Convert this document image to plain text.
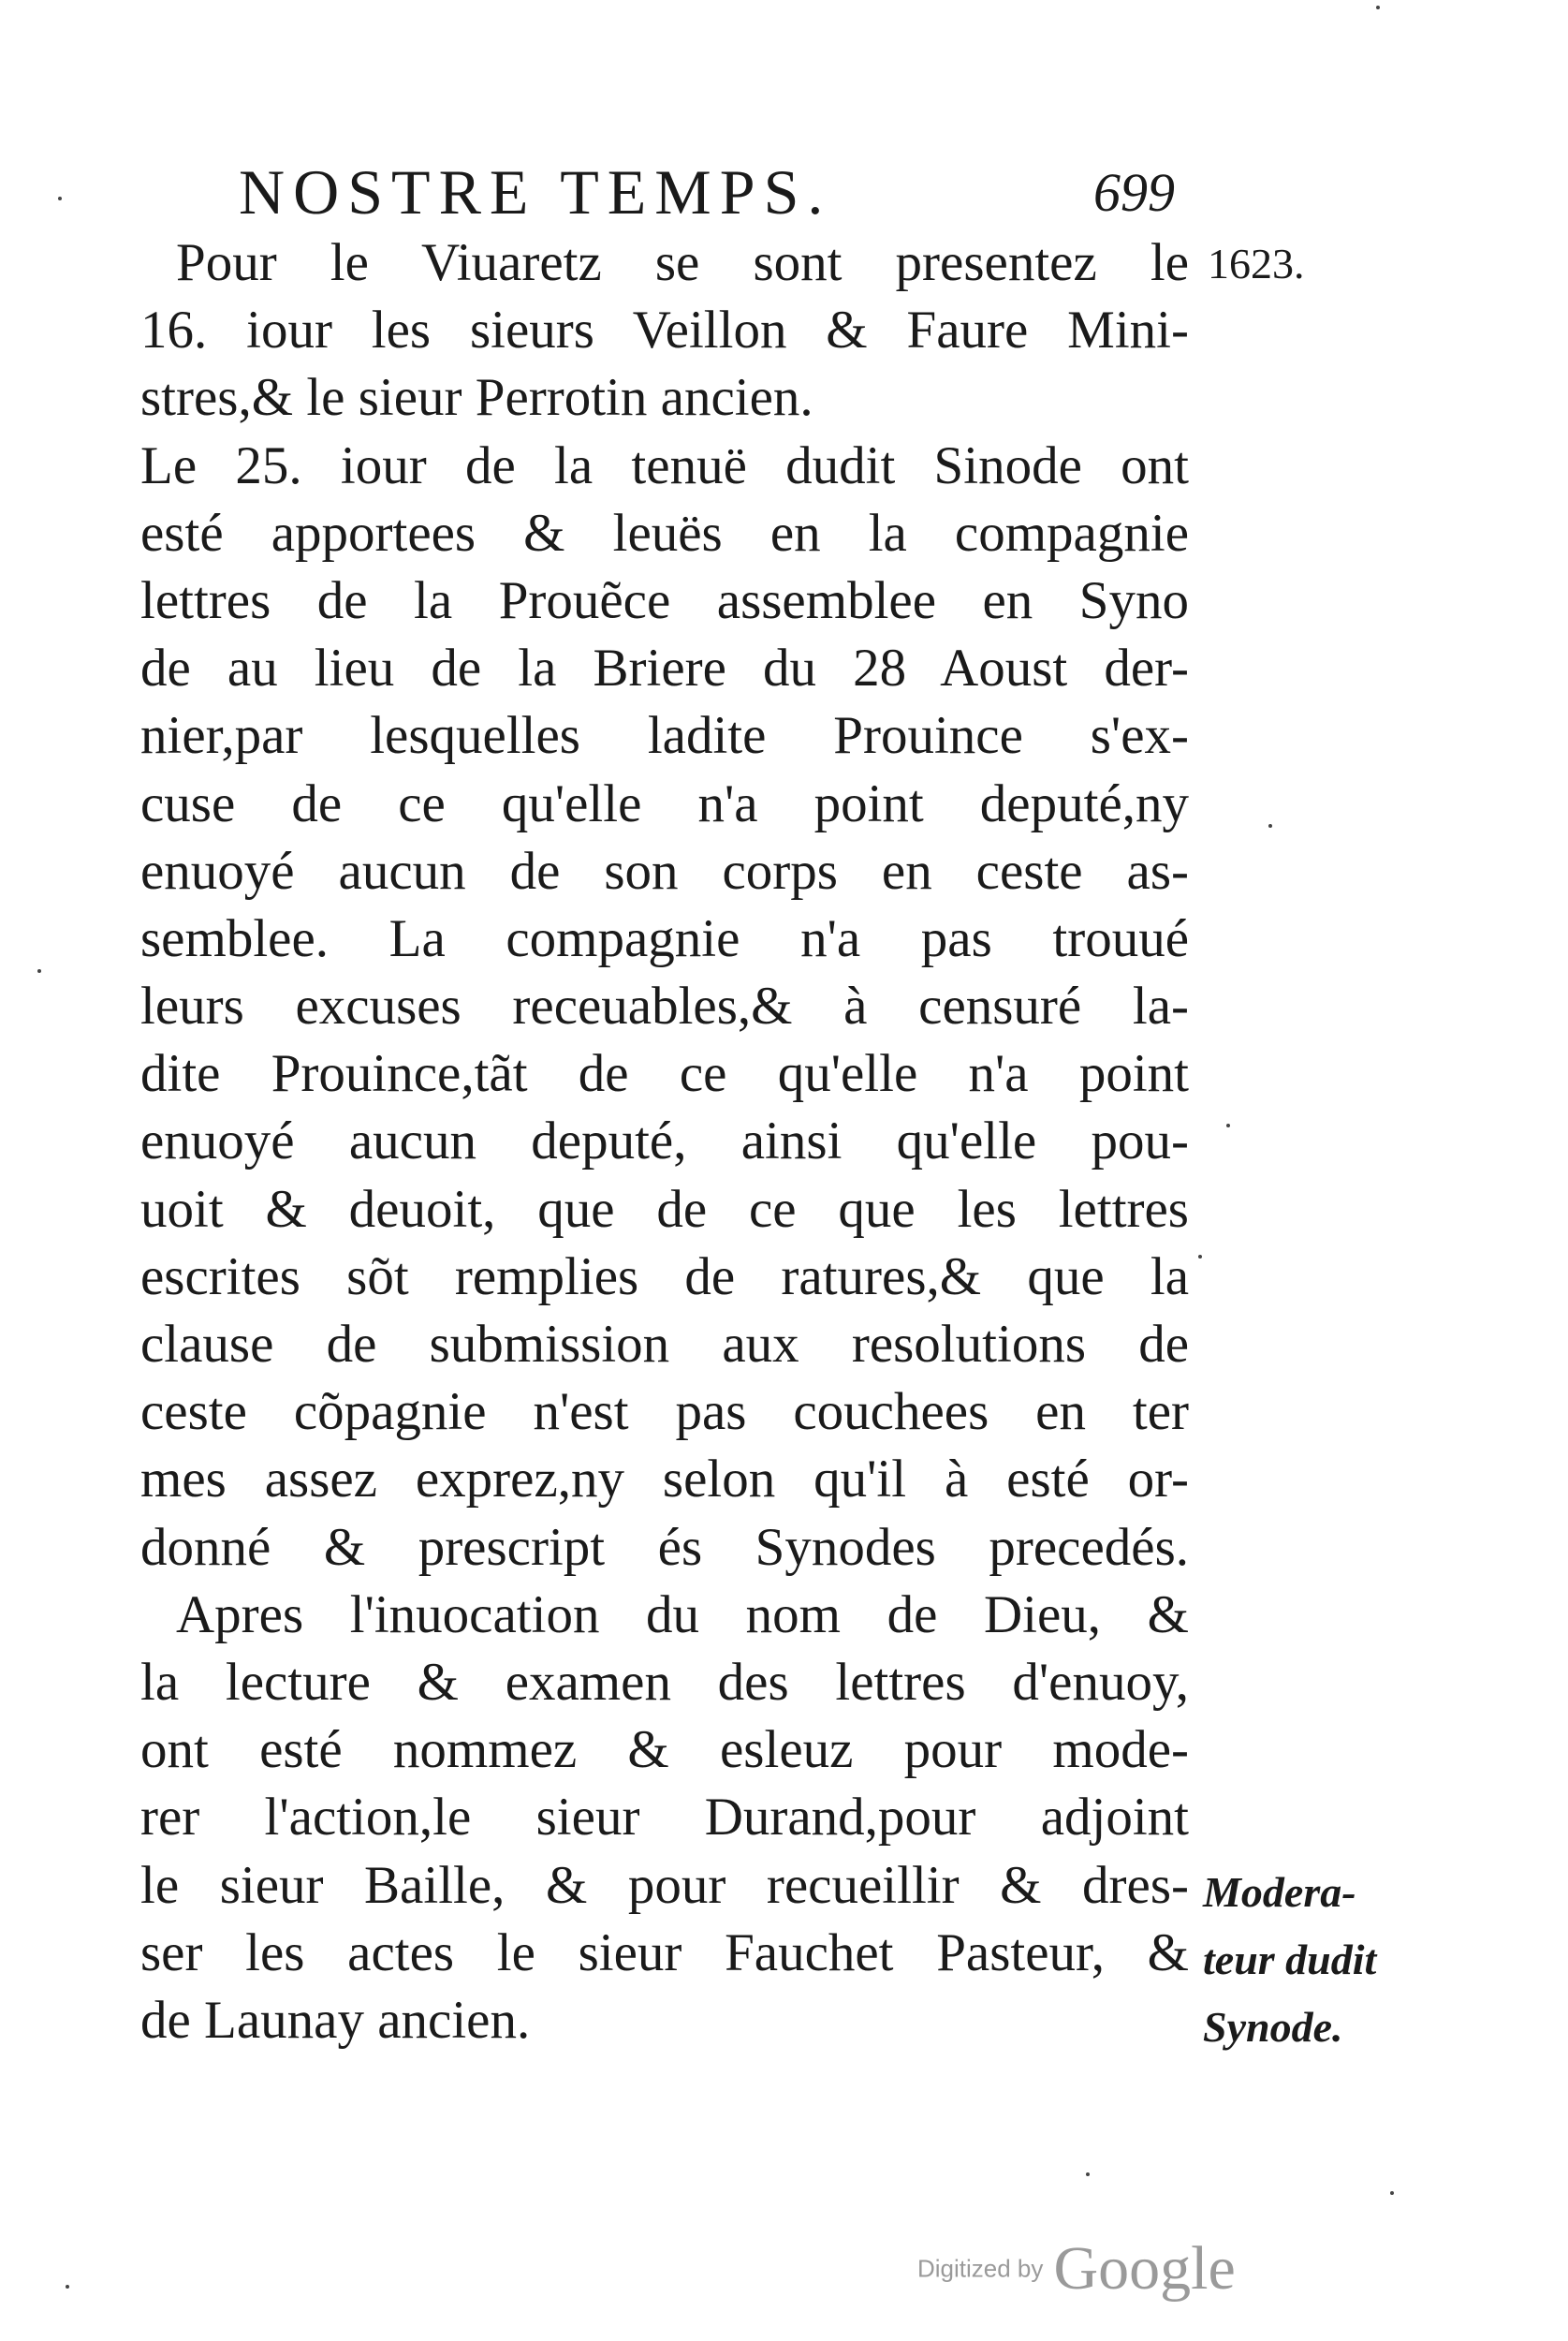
NOSTRE TEMPS.	699
1623.
Pour le Viuaretz se sont presentez le
16. iour les sieurs Veillon & Faure Mini-
stres,& le sieur Perrotin ancien.
Le 25. iour de la tenuë dudit Sinode ont
esté apportees & leuës en la compagnie
lettres de la Prouẽce assemblee en Syno
de au lieu de la Briere du 28 Aoust der-
nier,par lesquelles ladite Prouince s'ex-
cuse de ce qu'elle n'a point deputé,ny
enuoyé aucun de son corps en ceste as-
semblee. La compagnie n'a pas trouué
leurs excuses receuables,& à censuré la-
dite Prouince,tãt de ce qu'elle n'a point
enuoyé aucun deputé, ainsi qu'elle pou-
uoit & deuoit, que de ce que les lettres
escrites sõt remplies de ratures,& que la
clause de submission aux resolutions de
ceste cõpagnie n'est pas couchees en ter
mes assez exprez,ny selon qu'il à esté or-
donné & prescript és Synodes precedés.
Apres l'inuocation du nom de Dieu, &
la lecture & examen des lettres d'enuoy,
ont esté nommez & esleuz pour mode-
rer l'action,le sieur Durand,pour adjoint
le sieur Baille, & pour recueillir & dres-
ser les actes le sieur Fauchet Pasteur, &
de Launay ancien.
Modera-
teur dudit
Synode.
Digitized by Google
